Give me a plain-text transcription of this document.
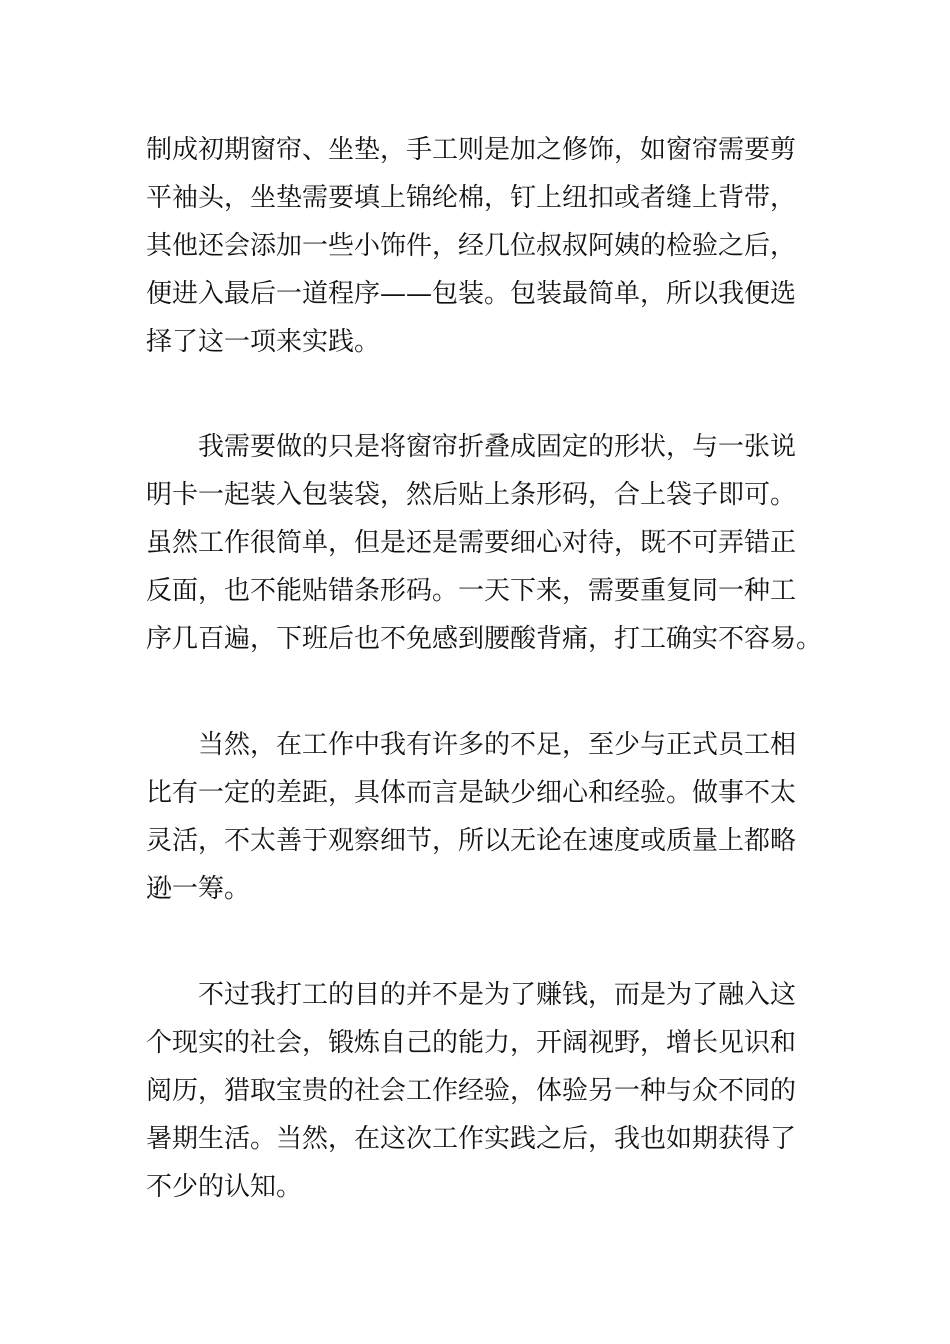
制成初期窗帘、坐垫，手工则是加之修饰，如窗帘需要剪
平袖头，坐垫需要填上锦纶棉，钉上纽扣或者缝上背带，
其他还会添加一些小饰件，经几位叔叔阿姨的检验之后，
便进入最后一道程序——包装。包装最简单，所以我便选
择了这一项来实践。
我需要做的只是将窗帘折叠成固定的形状，与一张说
明卡一起装入包装袋，然后贴上条形码，合上袋子即可。
虽然工作很简单，但是还是需要细心对待，既不可弄错正
反面，也不能贴错条形码。一天下来，需要重复同一种工
序几百遍，下班后也不免感到腰酸背痛，打工确实不容易。
当然，在工作中我有许多的不足，至少与正式员工相
比有一定的差距，具体而言是缺少细心和经验。做事不太
灵活，不太善于观察细节，所以无论在速度或质量上都略
逊一筹。
不过我打工的目的并不是为了赚钱，而是为了融入这
个现实的社会，锻炼自己的能力，开阔视野，增长见识和
阅历，猎取宝贵的社会工作经验，体验另一种与众不同的
暑期生活。当然，在这次工作实践之后，我也如期获得了
不少的认知。
